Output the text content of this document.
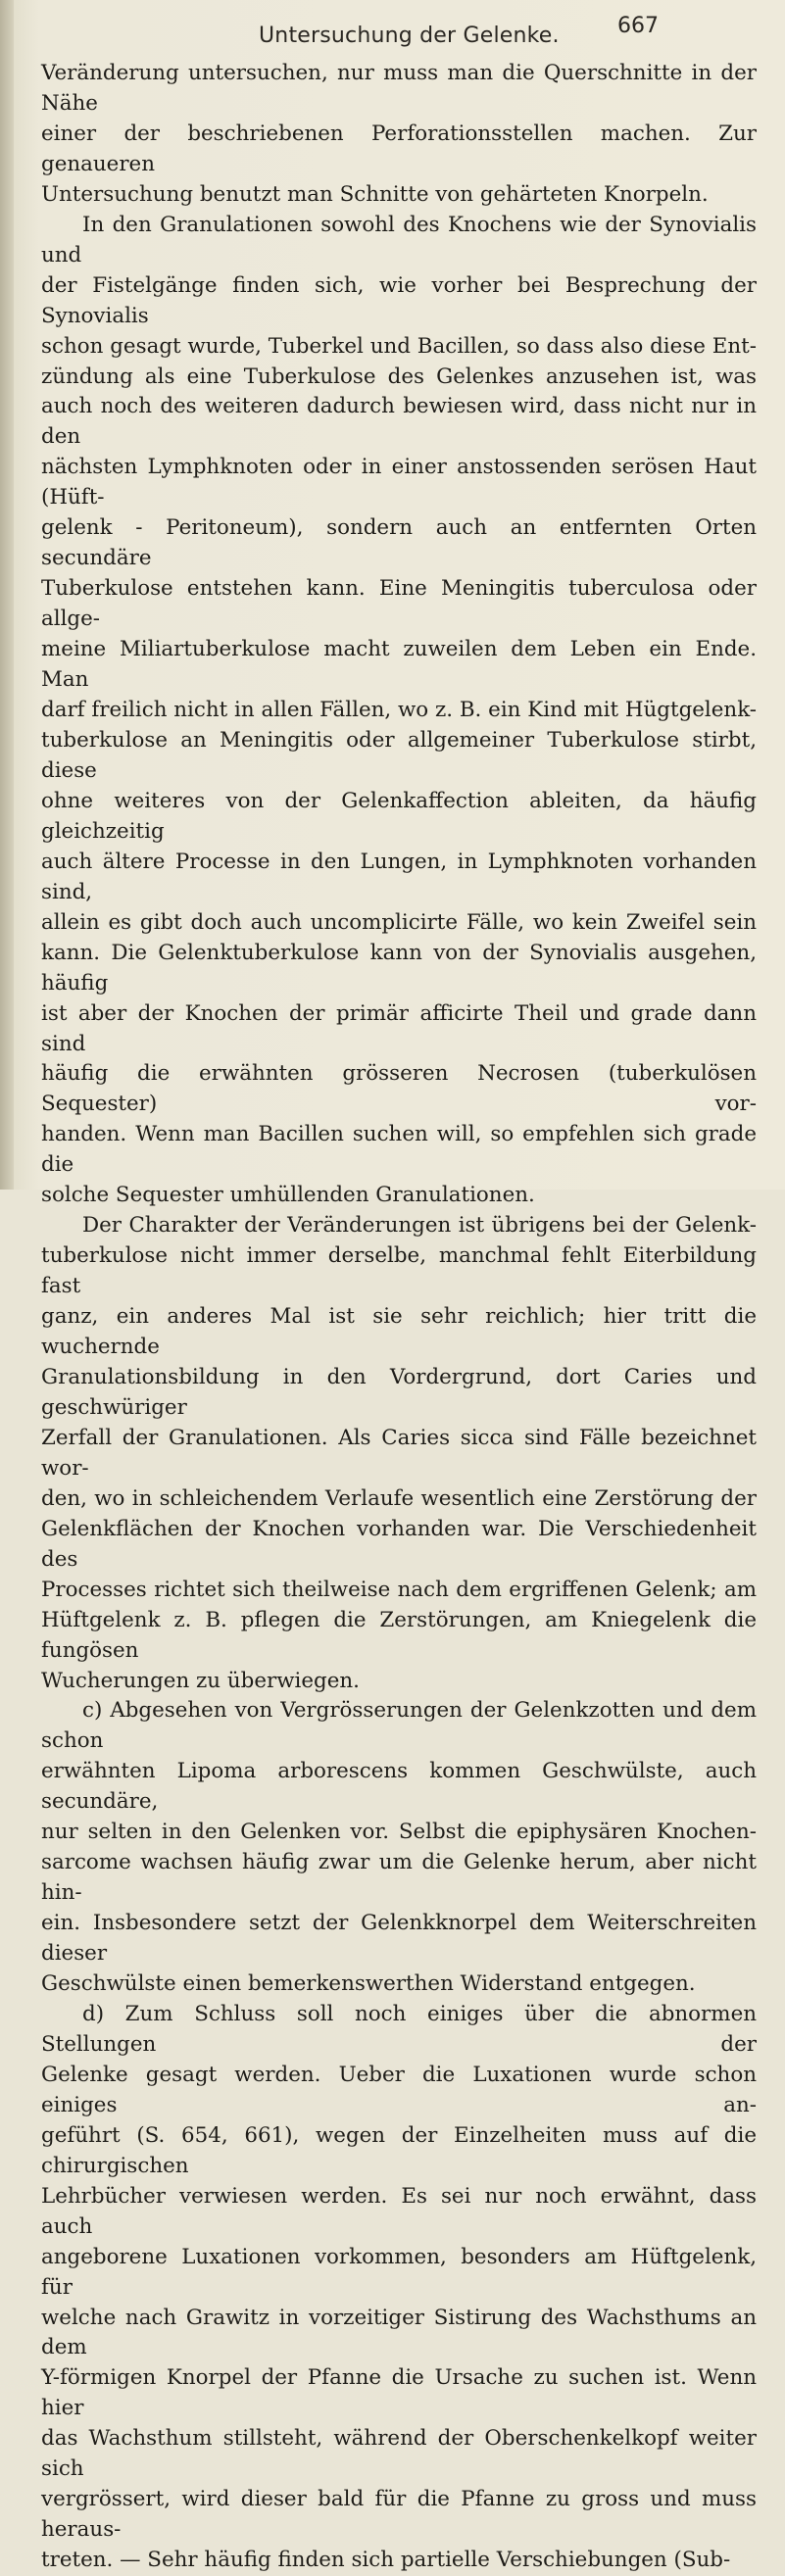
Untersuchung der Gelenke.	667

Veränderung untersuchen, nur muss man die Querschnitte in der Nähe

einer der beschriebenen Perforationsstellen machen. Zur genaueren

Untersuchung benutzt man Schnitte von gehärteten Knorpeln.

In den Granulationen sowohl des Knochens wie der Synovialis und

der Fistelgänge finden sich, wie vorher bei Besprechung der Synovialis

schon gesagt wurde, Tuberkel und Bacillen, so dass also diese Ent-

zündung als eine Tuberkulose des Gelenkes anzusehen ist, was

auch noch des weiteren dadurch bewiesen wird, dass nicht nur in den

nächsten Lymphknoten oder in einer anstossenden serösen Haut (Hüft-

gelenk - Peritoneum), sondern auch an entfernten Orten secundäre

Tuberkulose entstehen kann. Eine Meningitis tuberculosa oder allge-

meine Miliartuberkulose macht zuweilen dem Leben ein Ende. Man

darf freilich nicht in allen Fällen, wo z. B. ein Kind mit Hügtgelenk-

tuberkulose an Meningitis oder allgemeiner Tuberkulose stirbt, diese

ohne weiteres von der Gelenkaffection ableiten, da häufig gleichzeitig

auch ältere Processe in den Lungen, in Lymphknoten vorhanden sind,

allein es gibt doch auch uncomplicirte Fälle, wo kein Zweifel sein

kann. Die Gelenktuberkulose kann von der Synovialis ausgehen, häufig

ist aber der Knochen der primär afficirte Theil und grade dann sind

häufig die erwähnten grösseren Necrosen (tuberkulösen Sequester) vor-

handen. Wenn man Bacillen suchen will, so empfehlen sich grade die

solche Sequester umhüllenden Granulationen.

Der Charakter der Veränderungen ist übrigens bei der Gelenk-

tuberkulose nicht immer derselbe, manchmal fehlt Eiterbildung fast

ganz, ein anderes Mal ist sie sehr reichlich; hier tritt die wuchernde

Granulationsbildung in den Vordergrund, dort Caries und geschwüriger

Zerfall der Granulationen. Als Caries sicca sind Fälle bezeichnet wor-

den, wo in schleichendem Verlaufe wesentlich eine Zerstörung der

Gelenkflächen der Knochen vorhanden war. Die Verschiedenheit des

Processes richtet sich theilweise nach dem ergriffenen Gelenk; am

Hüftgelenk z. B. pflegen die Zerstörungen, am Kniegelenk die fungösen

Wucherungen zu überwiegen.

c) Abgesehen von Vergrösserungen der Gelenkzotten und dem schon

erwähnten Lipoma arborescens kommen Geschwülste, auch secundäre,

nur selten in den Gelenken vor. Selbst die epiphysären Knochen-

sarcome wachsen häufig zwar um die Gelenke herum, aber nicht hin-

ein. Insbesondere setzt der Gelenkknorpel dem Weiterschreiten dieser

Geschwülste einen bemerkenswerthen Widerstand entgegen.

d) Zum Schluss soll noch einiges über die abnormen Stellungen der

Gelenke gesagt werden. Ueber die Luxationen wurde schon einiges an-

geführt (S. 654, 661), wegen der Einzelheiten muss auf die chirurgischen

Lehrbücher verwiesen werden. Es sei nur noch erwähnt, dass auch

angeborene Luxationen vorkommen, besonders am Hüftgelenk, für

welche nach Grawitz in vorzeitiger Sistirung des Wachsthums an dem

Y-förmigen Knorpel der Pfanne die Ursache zu suchen ist. Wenn hier

das Wachsthum stillsteht, während der Oberschenkelkopf weiter sich

vergrössert, wird dieser bald für die Pfanne zu gross und muss heraus-

treten. — Sehr häufig finden sich partielle Verschiebungen (Sub-
